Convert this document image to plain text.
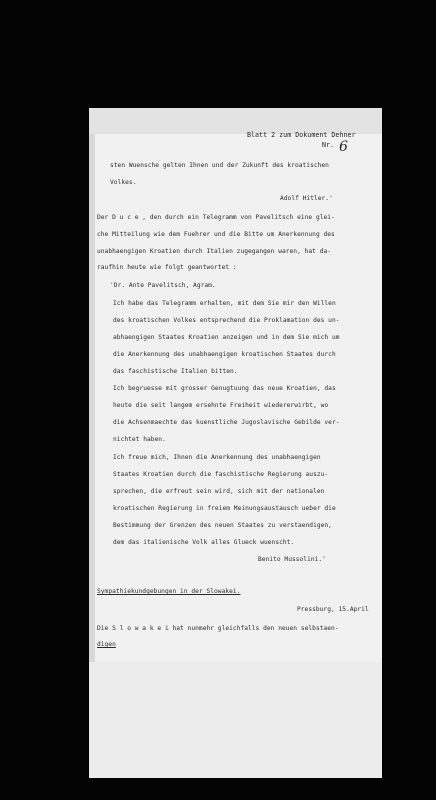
Blatt 2 zum Dokument Dehner
Nr. 6
sten Wuensche gelten Ihnen und der Zukunft des kroatischen
Volkes.
Adolf Hitler.'
Der D u c e , den durch ein Telegramm von Pavelitsch eine glei-
che Mitteilung wie dem Fuehrer und die Bitte um Anerkennung des
unabhaengigen Kroatien durch Italien zugegangen waren, hat da-
raufhin heute wie folgt geantwortet :
'Dr. Ante Pavelitsch, Agram.
Ich habe das Telegramm erhalten, mit dem Sie mir den Willen
des kroatischen Volkes entsprechend die Proklamation des un-
abhaengigen Staates Kroatien anzeigen und in dem Sie mich um
die Anerkennung des unabhaengigen kroatischen Staates durch
das faschistische Italien bitten.
Ich begruesse mit grosser Genugtuung das neue Kroatien, das
heute die seit langem ersehnte Freiheit wiedererwirbt, wo
die Achsenmaechte das kuenstliche Jugoslavische Gebilde ver-
nichtet haben.
Ich freue mich, Ihnen die Anerkennung des unabhaengigen
Staates Kroatien durch die faschistische Regierung auszu-
sprechen, die erfreut sein wird, sich mit der nationalen
kroatischen Regierung in freiem Meinungsaustausch ueber die
Bestimmung der Grenzen des neuen Staates zu verstaendigen,
dem das italienische Volk alles Glueck wuenscht.
Benito Mussolini.'
Sympathiekundgebungen in der Slowakei.
Pressburg, 15.April
Die S l o w a k e i hat nunmehr gleichfalls den neuen selbstaen-
digen
